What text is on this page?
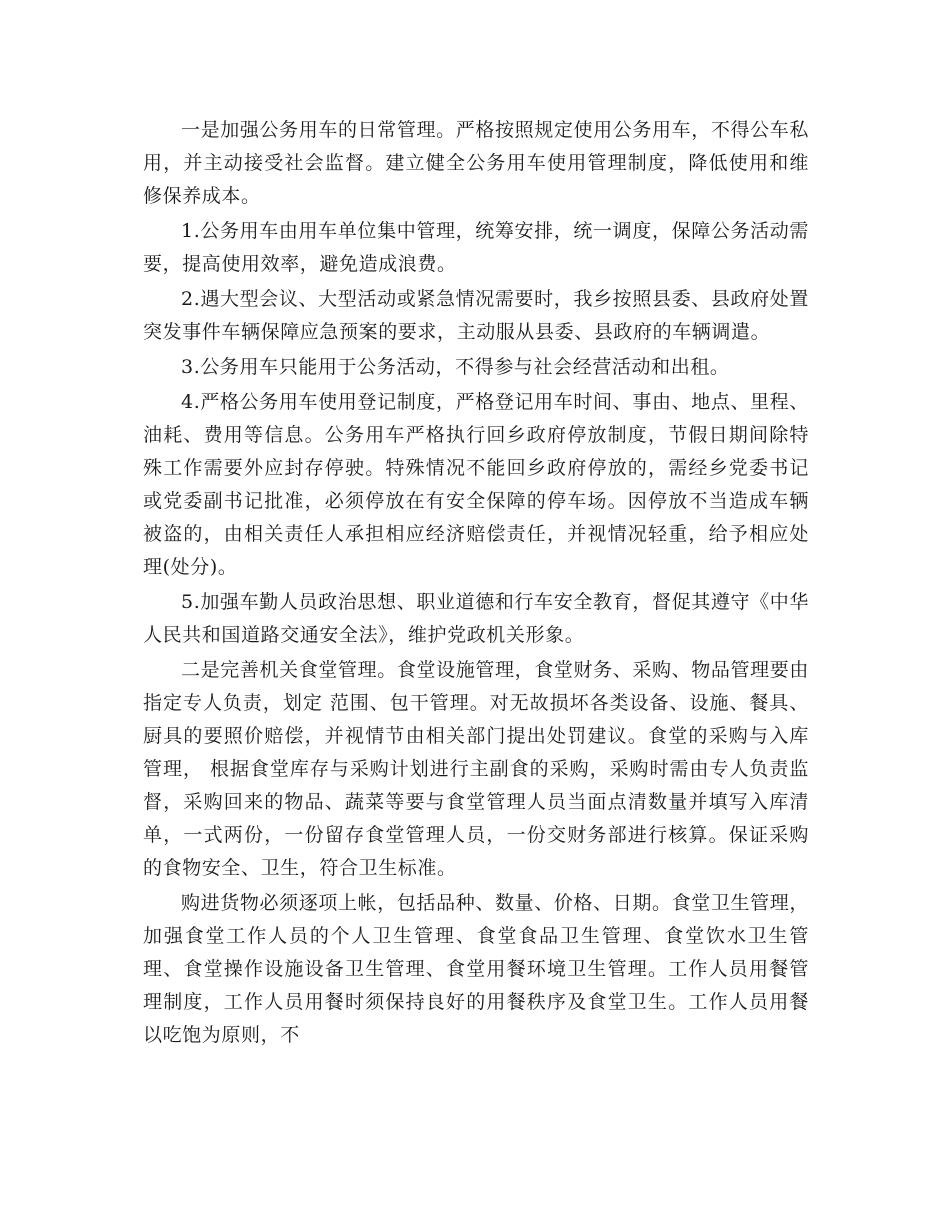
一是加强公务用车的日常管理。严格按照规定使用公务用车，不得公车私用，并主动接受社会监督。建立健全公务用车使用管理制度，降低使用和维修保养成本。

1.公务用车由用车单位集中管理，统筹安排，统一调度，保障公务活动需要，提高使用效率，避免造成浪费。

2.遇大型会议、大型活动或紧急情况需要时，我乡按照县委、县政府处置突发事件车辆保障应急预案的要求，主动服从县委、县政府的车辆调遣。

3.公务用车只能用于公务活动，不得参与社会经营活动和出租。

4.严格公务用车使用登记制度，严格登记用车时间、事由、地点、里程、油耗、费用等信息。公务用车严格执行回乡政府停放制度，节假日期间除特殊工作需要外应封存停驶。特殊情况不能回乡政府停放的，需经乡党委书记或党委副书记批准，必须停放在有安全保障的停车场。因停放不当造成车辆被盗的，由相关责任人承担相应经济赔偿责任，并视情况轻重，给予相应处理(处分)。

5.加强车勤人员政治思想、职业道德和行车安全教育，督促其遵守《中华人民共和国道路交通安全法》，维护党政机关形象。

二是完善机关食堂管理。食堂设施管理，食堂财务、采购、物品管理要由指定专人负责，划定 范围、包干管理。对无故损坏各类设备、设施、餐具、厨具的要照价赔偿，并视情节由相关部门提出处罚建议。食堂的采购与入库管理， 根据食堂库存与采购计划进行主副食的采购，采购时需由专人负责监督，采购回来的物品、蔬菜等要与食堂管理人员当面点清数量并填写入库清单，一式两份，一份留存食堂管理人员，一份交财务部进行核算。保证采购的食物安全、卫生，符合卫生标准。

购进货物必须逐项上帐，包括品种、数量、价格、日期。食堂卫生管理，加强食堂工作人员的个人卫生管理、食堂食品卫生管理、食堂饮水卫生管理、食堂操作设施设备卫生管理、食堂用餐环境卫生管理。工作人员用餐管理制度，工作人员用餐时须保持良好的用餐秩序及食堂卫生。工作人员用餐以吃饱为原则，不
